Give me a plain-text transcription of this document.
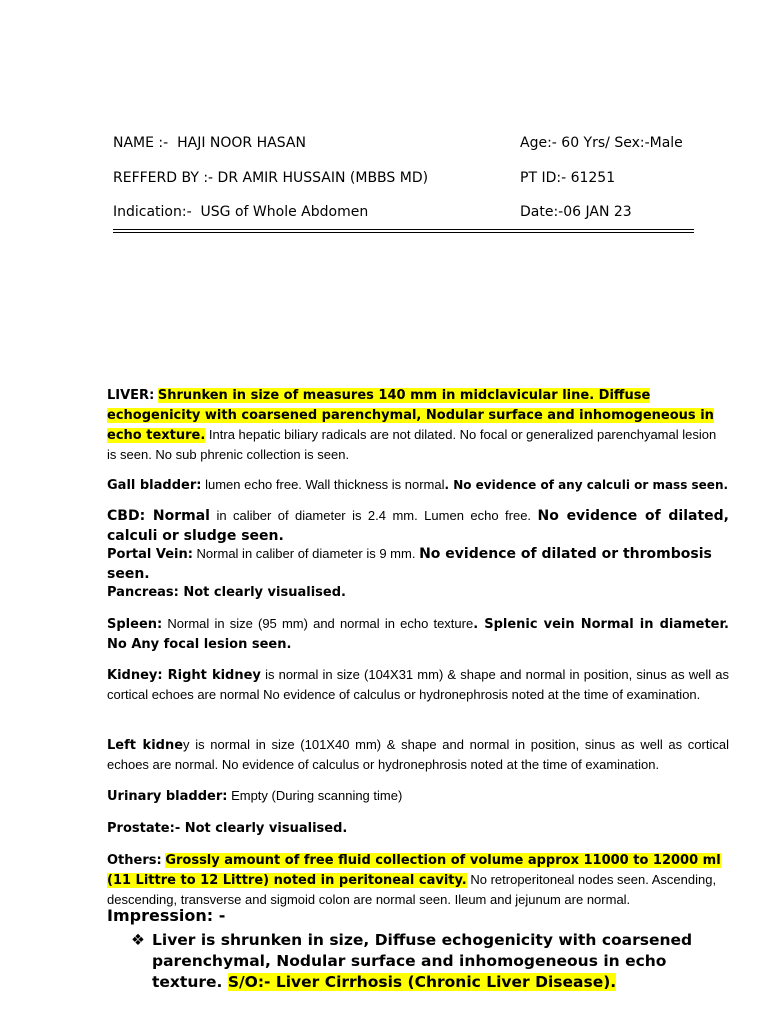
NAME :- HAJI NOOR HASAN	Age:- 60 Yrs/ Sex:-Male
REFFERD BY :- DR AMIR HUSSAIN (MBBS MD)	PT ID:- 61251
Indication:- USG of Whole Abdomen	Date:-06 JAN 23
LIVER: Shrunken in size of measures 140 mm in midclavicular line. Diffuse echogenicity with coarsened parenchymal, Nodular surface and inhomogeneous in echo texture. Intra hepatic biliary radicals are not dilated. No focal or generalized parenchyamal lesion is seen. No sub phrenic collection is seen.
Gall bladder: lumen echo free. Wall thickness is normal. No evidence of any calculi or mass seen.
CBD: Normal in caliber of diameter is 2.4 mm. Lumen echo free. No evidence of dilated, calculi or sludge seen.
Portal Vein: Normal in caliber of diameter is 9 mm. No evidence of dilated or thrombosis seen.
Pancreas: Not clearly visualised.
Spleen: Normal in size (95 mm) and normal in echo texture. Splenic vein Normal in diameter. No Any focal lesion seen.
Kidney: Right kidney is normal in size (104X31 mm) & shape and normal in position, sinus as well as cortical echoes are normal No evidence of calculus or hydronephrosis noted at the time of examination.
Left kidney is normal in size (101X40 mm) & shape and normal in position, sinus as well as cortical echoes are normal. No evidence of calculus or hydronephrosis noted at the time of examination.
Urinary bladder: Empty (During scanning time)
Prostate:- Not clearly visualised.
Others: Grossly amount of free fluid collection of volume approx 11000 to 12000 ml (11 Littre to 12 Littre) noted in peritoneal cavity. No retroperitoneal nodes seen. Ascending, descending, transverse and sigmoid colon are normal seen. Ileum and jejunum are normal.
Impression: -
❖ Liver is shrunken in size, Diffuse echogenicity with coarsened parenchymal, Nodular surface and inhomogeneous in echo texture. S/O:- Liver Cirrhosis (Chronic Liver Disease).
